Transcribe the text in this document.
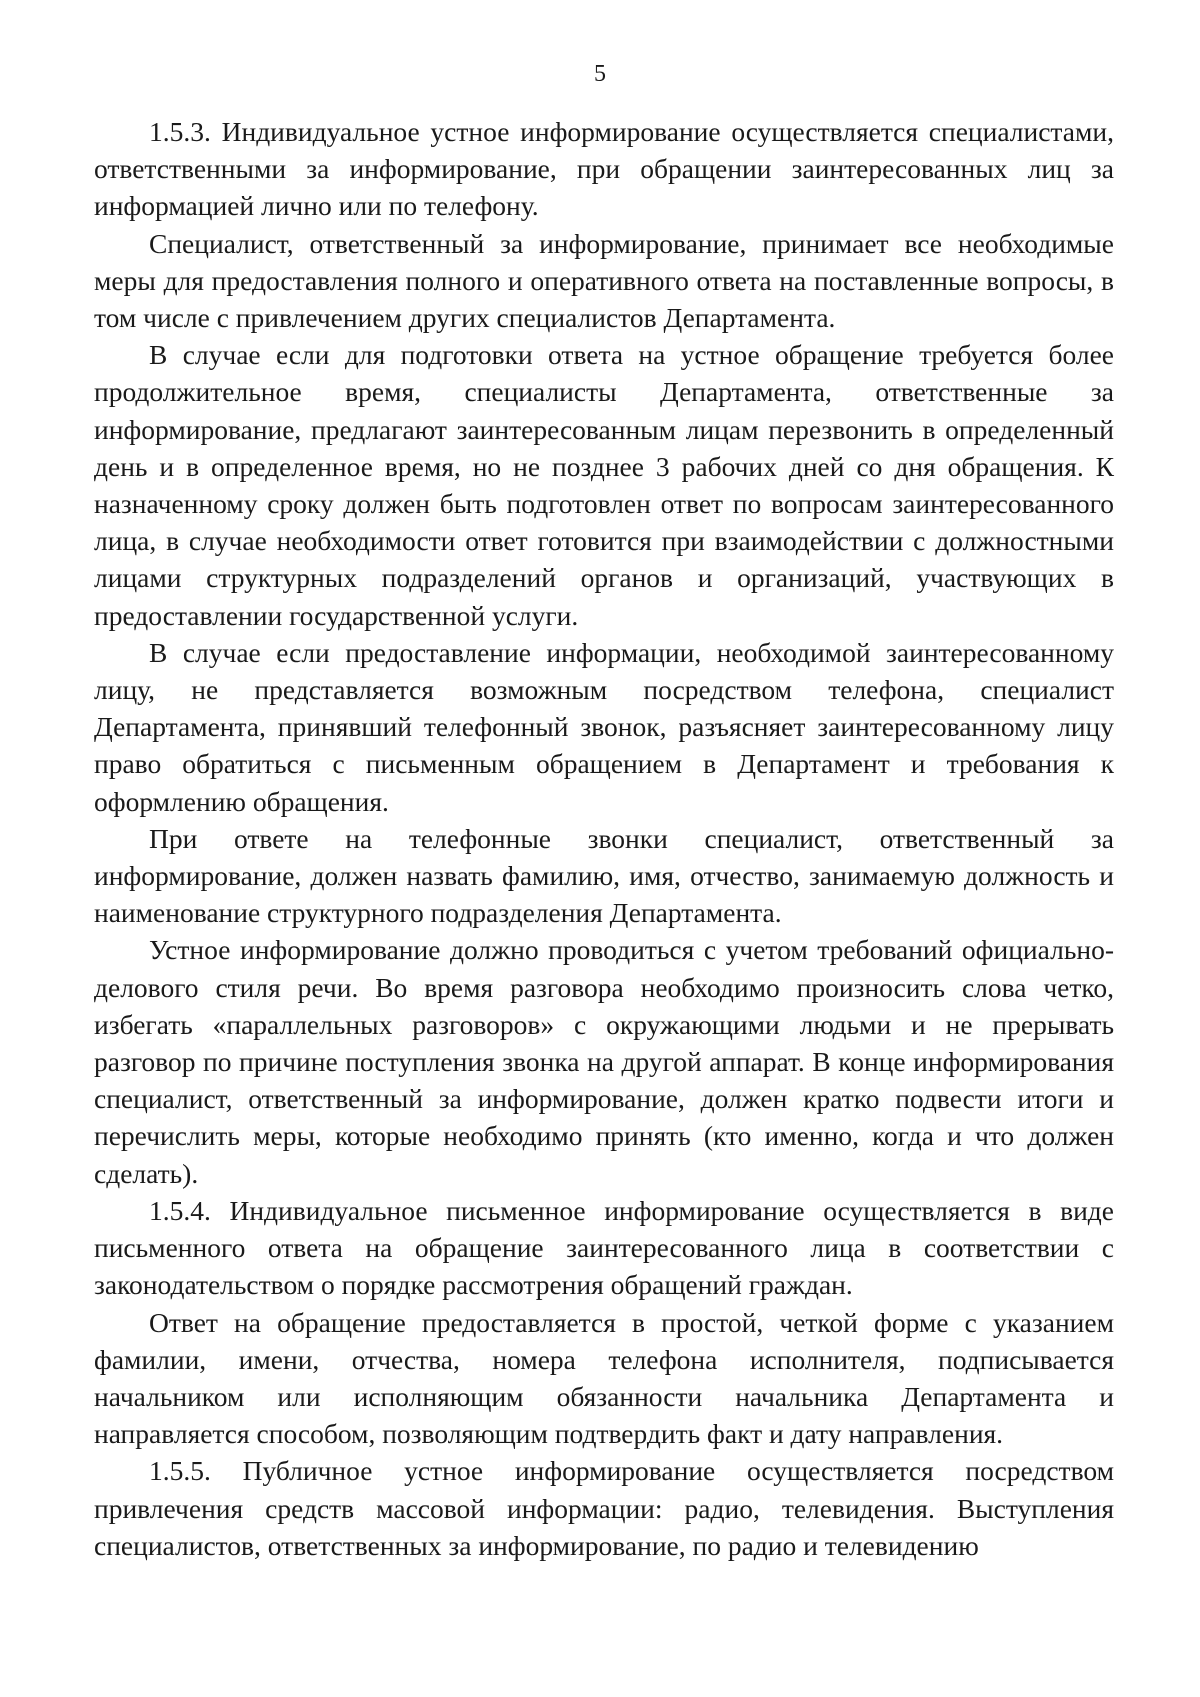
5

1.5.3. Индивидуальное устное информирование осуществляется специалистами, ответственными за информирование, при обращении заинтересованных лиц за информацией лично или по телефону.

Специалист, ответственный за информирование, принимает все необходимые меры для предоставления полного и оперативного ответа на поставленные вопросы, в том числе с привлечением других специалистов Департамента.

В случае если для подготовки ответа на устное обращение требуется более продолжительное время, специалисты Департамента, ответственные за информирование, предлагают заинтересованным лицам перезвонить в определенный день и в определенное время, но не позднее 3 рабочих дней со дня обращения. К назначенному сроку должен быть подготовлен ответ по вопросам заинтересованного лица, в случае необходимости ответ готовится при взаимодействии с должностными лицами структурных подразделений органов и организаций, участвующих в предоставлении государственной услуги.

В случае если предоставление информации, необходимой заинтересованному лицу, не представляется возможным посредством телефона, специалист Департамента, принявший телефонный звонок, разъясняет заинтересованному лицу право обратиться с письменным обращением в Департамент и требования к оформлению обращения.

При ответе на телефонные звонки специалист, ответственный за информирование, должен назвать фамилию, имя, отчество, занимаемую должность и наименование структурного подразделения Департамента.

Устное информирование должно проводиться с учетом требований официально-делового стиля речи. Во время разговора необходимо произносить слова четко, избегать «параллельных разговоров» с окружающими людьми и не прерывать разговор по причине поступления звонка на другой аппарат. В конце информирования специалист, ответственный за информирование, должен кратко подвести итоги и перечислить меры, которые необходимо принять (кто именно, когда и что должен сделать).

1.5.4. Индивидуальное письменное информирование осуществляется в виде письменного ответа на обращение заинтересованного лица в соответствии с законодательством о порядке рассмотрения обращений граждан.

Ответ на обращение предоставляется в простой, четкой форме с указанием фамилии, имени, отчества, номера телефона исполнителя, подписывается начальником или исполняющим обязанности начальника Департамента и направляется способом, позволяющим подтвердить факт и дату направления.

1.5.5. Публичное устное информирование осуществляется посредством привлечения средств массовой информации: радио, телевидения. Выступления специалистов, ответственных за информирование, по радио и телевидению
